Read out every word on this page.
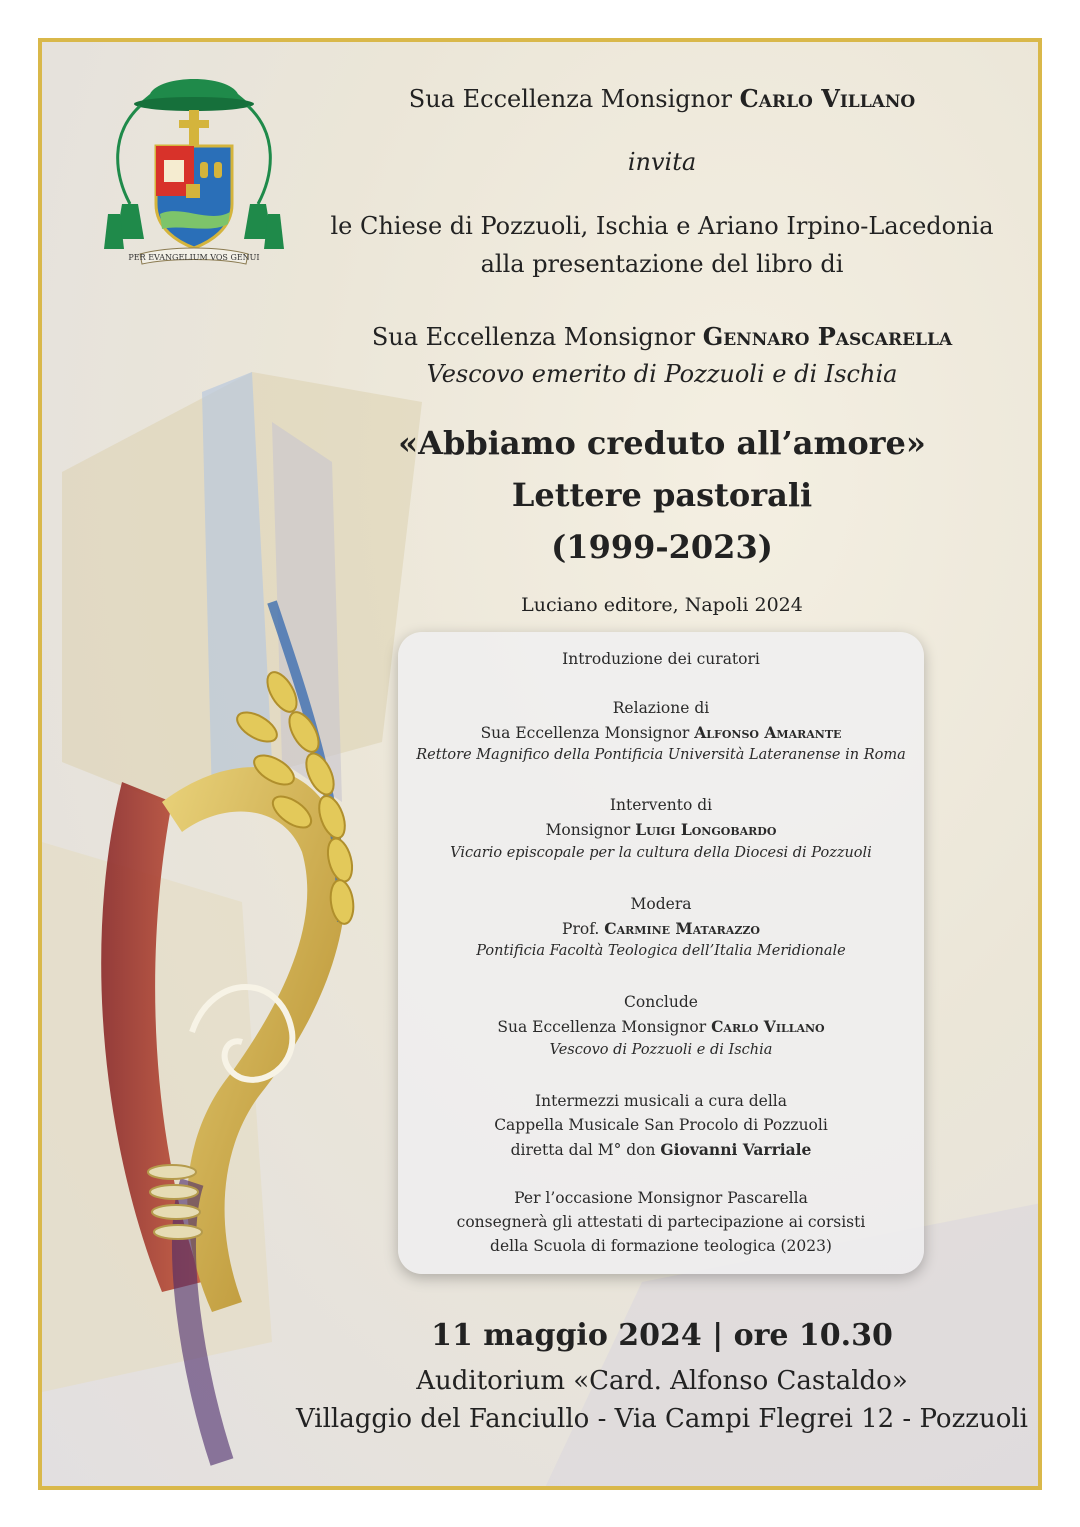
PER EVANGELIUM VOS GENUI
Sua Eccellenza Monsignor Carlo Villano
invita
le Chiese di Pozzuoli, Ischia e Ariano Irpino-Lacedonia
alla presentazione del libro di
Sua Eccellenza Monsignor Gennaro Pascarella
Vescovo emerito di Pozzuoli e di Ischia
«Abbiamo creduto all’amore»
Lettere pastorali
(1999-2023)
Luciano editore, Napoli 2024
Introduzione dei curatori
Relazione di
Sua Eccellenza Monsignor Alfonso Amarante
Rettore Magnifico della Pontificia Università Lateranense in Roma
Intervento di
Monsignor Luigi Longobardo
Vicario episcopale per la cultura della Diocesi di Pozzuoli
Modera
Prof. Carmine Matarazzo
Pontificia Facoltà Teologica dell’Italia Meridionale
Conclude
Sua Eccellenza Monsignor Carlo Villano
Vescovo di Pozzuoli e di Ischia
Intermezzi musicali a cura della
Cappella Musicale San Procolo di Pozzuoli
diretta dal M° don Giovanni Varriale
Per l’occasione Monsignor Pascarella
consegnerà gli attestati di partecipazione ai corsisti
della Scuola di formazione teologica (2023)
11 maggio 2024 | ore 10.30
Auditorium «Card. Alfonso Castaldo»
Villaggio del Fanciullo - Via Campi Flegrei 12 - Pozzuoli
